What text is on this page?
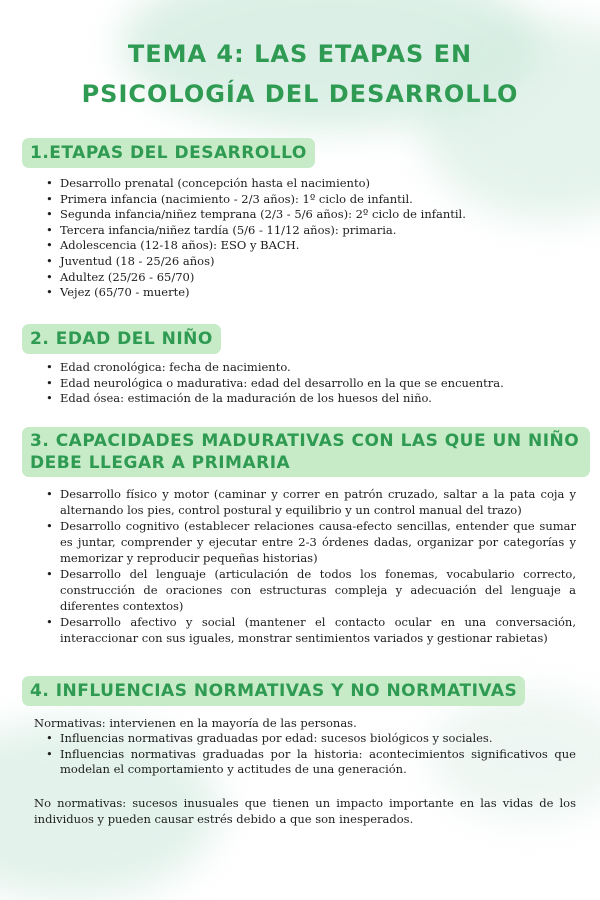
TEMA 4: LAS ETAPAS EN PSICOLOGÍA DEL DESARROLLO
1.ETAPAS DEL DESARROLLO
• Desarrollo prenatal (concepción hasta el nacimiento)
• Primera infancia (nacimiento - 2/3 años): 1º ciclo de infantil.
• Segunda infancia/niñez temprana (2/3 - 5/6 años): 2º ciclo de infantil.
• Tercera infancia/niñez tardía (5/6 - 11/12 años): primaria.
• Adolescencia (12-18 años): ESO y BACH.
• Juventud (18 - 25/26 años)
• Adultez (25/26 - 65/70)
• Vejez (65/70 - muerte)
2. EDAD DEL NIÑO
• Edad cronológica: fecha de nacimiento.
• Edad neurológica o madurativa: edad del desarrollo en la que se encuentra.
• Edad ósea: estimación de la maduración de los huesos del niño.
3. CAPACIDADES MADURATIVAS CON LAS QUE UN NIÑO DEBE LLEGAR A PRIMARIA
• Desarrollo físico y motor (caminar y correr en patrón cruzado, saltar a la pata coja y alternando los pies, control postural y equilibrio y un control manual del trazo)
• Desarrollo cognitivo (establecer relaciones causa-efecto sencillas, entender que sumar es juntar, comprender y ejecutar entre 2-3 órdenes dadas, organizar por categorías y memorizar y reproducir pequeñas historias)
• Desarrollo del lenguaje (articulación de todos los fonemas, vocabulario correcto, construcción de oraciones con estructuras compleja y adecuación del lenguaje a diferentes contextos)
• Desarrollo afectivo y social (mantener el contacto ocular en una conversación, interaccionar con sus iguales, monstrar sentimientos variados y gestionar rabietas)
4. INFLUENCIAS NORMATIVAS Y NO NORMATIVAS

Normativas: intervienen en la mayoría de las personas.

• Influencias normativas graduadas por edad: sucesos biológicos y sociales.
• Influencias normativas graduadas por la historia: acontecimientos significativos que modelan el comportamiento y actitudes de una generación.

No normativas: sucesos inusuales que tienen un impacto importante en las vidas de los individuos y pueden causar estrés debido a que son inesperados.
